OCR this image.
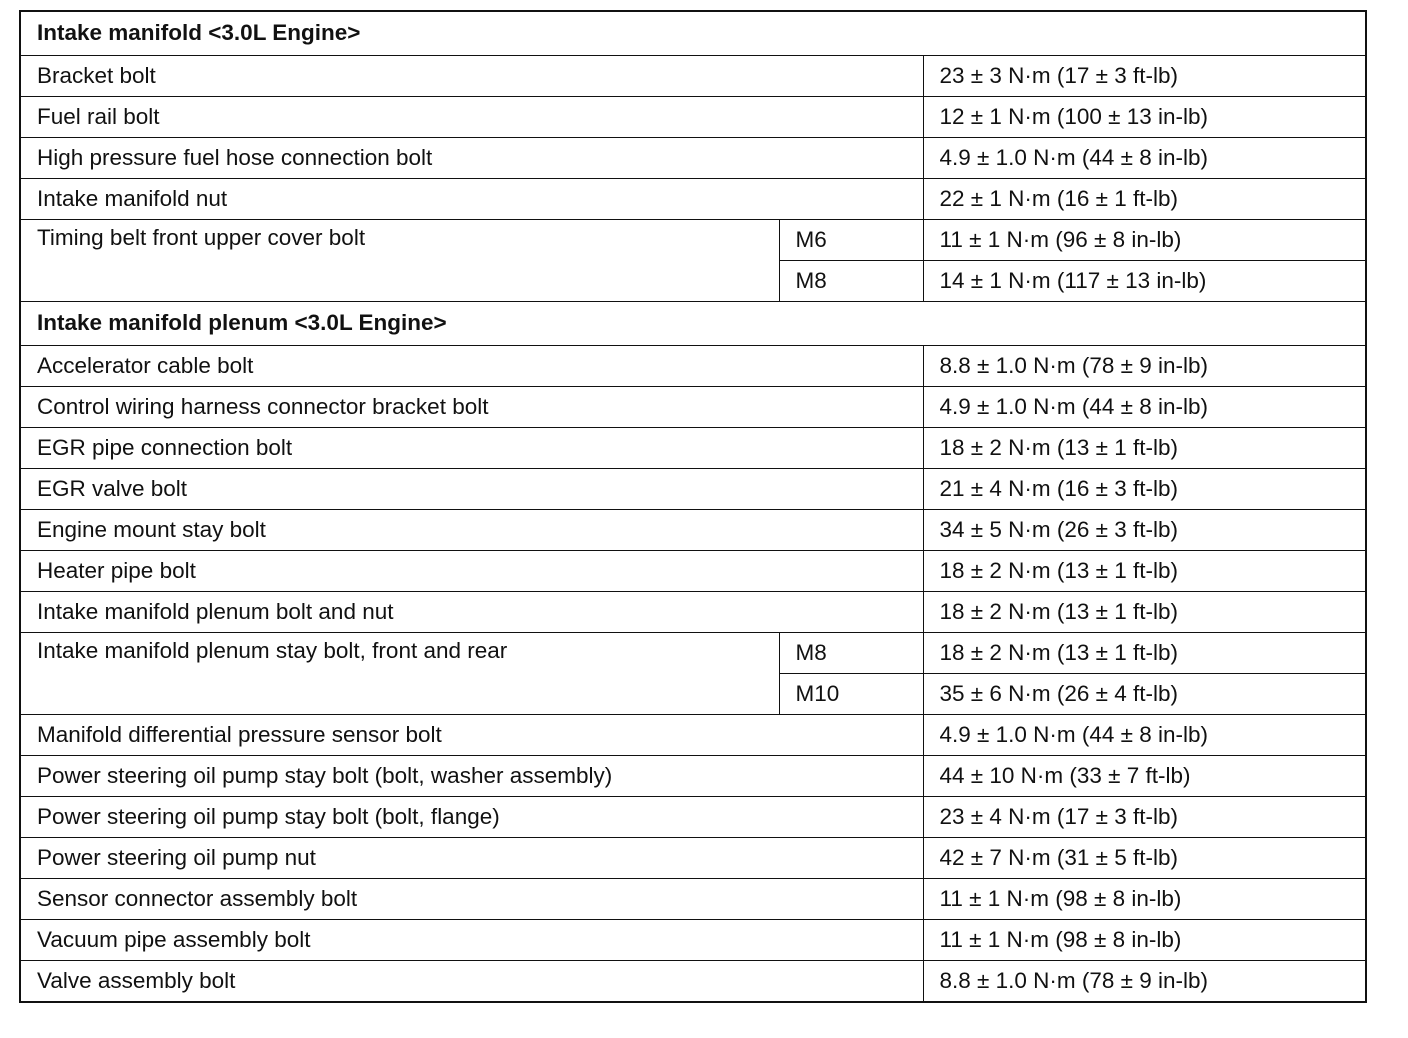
Intake manifold <3.0L Engine>		
Bracket bolt		23 ± 3 N·m (17 ± 3 ft-lb)
Fuel rail bolt		12 ± 1 N·m (100 ± 13 in-lb)
High pressure fuel hose connection bolt		4.9 ± 1.0 N·m (44 ± 8 in-lb)
Intake manifold nut		22 ± 1 N·m (16 ± 1 ft-lb)
Timing belt front upper cover bolt	M6	11 ± 1 N·m (96 ± 8 in-lb)
	M8	14 ± 1 N·m (117 ± 13 in-lb)
Intake manifold plenum <3.0L Engine>		
Accelerator cable bolt		8.8 ± 1.0 N·m (78 ± 9 in-lb)
Control wiring harness connector bracket bolt		4.9 ± 1.0 N·m (44 ± 8 in-lb)
EGR pipe connection bolt		18 ± 2 N·m (13 ± 1 ft-lb)
EGR valve bolt		21 ± 4 N·m (16 ± 3 ft-lb)
Engine mount stay bolt		34 ± 5 N·m (26 ± 3 ft-lb)
Heater pipe bolt		18 ± 2 N·m (13 ± 1 ft-lb)
Intake manifold plenum bolt and nut		18 ± 2 N·m (13 ± 1 ft-lb)
Intake manifold plenum stay bolt, front and rear	M8	18 ± 2 N·m (13 ± 1 ft-lb)
	M10	35 ± 6 N·m (26 ± 4 ft-lb)
Manifold differential pressure sensor bolt		4.9 ± 1.0 N·m (44 ± 8 in-lb)
Power steering oil pump stay bolt (bolt, washer assembly)		44 ± 10 N·m (33 ± 7 ft-lb)
Power steering oil pump stay bolt (bolt, flange)		23 ± 4 N·m (17 ± 3 ft-lb)
Power steering oil pump nut		42 ± 7 N·m (31 ± 5 ft-lb)
Sensor connector assembly bolt		11 ± 1 N·m (98 ± 8 in-lb)
Vacuum pipe assembly bolt		11 ± 1 N·m (98 ± 8 in-lb)
Valve assembly bolt		8.8 ± 1.0 N·m (78 ± 9 in-lb)
